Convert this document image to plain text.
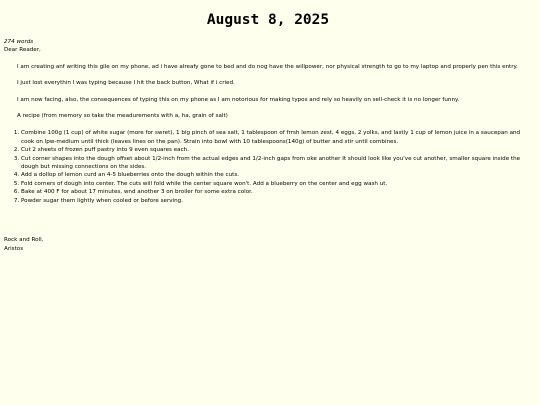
August 8, 2025
274 words
Dear Reader,

I am creating anf writing this gile on my phone, ad i have alreafy gone to bed and do nog have the willpower, nor physical strength to go to my laptop and properly pen this entry.

I just lost everythin I was typing because I hit the back button, What if i cried.

I am now facing, also, the consequences of typing this on my phone as I am notorious for making typos and rely so heavily on sell-check it is no longer funny.

A recipe (from memory so take the meadurements with a, ha, grain of salt)

1. Combine 100g (1 cup) of white sugar (more for swret), 1 big pinch of sea salt, 1 tablespoon of frrsh lemon zest, 4 eggs, 2 yolks, and lastly 1 cup of lemon juice in a saucepan and cook on lpw-medium until thick (leaves lines on the pan). Strain into bowl with 10 tablespoons(140g) of butter and stir until combines.
2. Cut 2 sheets of frozen puff pastry into 9 even squares each.
3. Cut corner shapes into the dough offset about 1/2-inch from the actual edges and 1/2-inch gaps from oke another It should look like you've cut another, smaller square inside the dough but missing connections on the sides.
4. Add a dollop of lemon curd an 4-5 blueberries onto the dough within the cuts.
5. Fold corners of dough into center. The cuts will fold while the center square won't. Add a blueberry on the center and egg wash ut.
6. Bake at 400 F for about 17 minutes, wnd another 3 on broiler for some extra color.
7. Powder sugar them lightly when cooled or before serving.
Rock and Roll,
Aristos
